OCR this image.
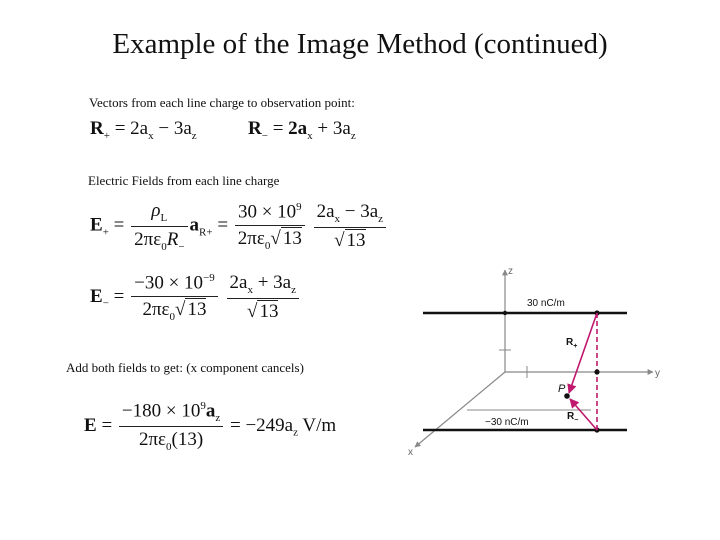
Example of the Image Method (continued)
Vectors from each line charge to observation point:
$R_+ = 2a_x - 3a_z$	$R_- = 2a_x + 3a_z$
Electric Fields from each line charge
$E_+ = \frac{\rho_L}{2\pi\varepsilon_0R_-} a_{R+} = \frac{30 \times 10^9}{2\pi\varepsilon_0√ 13}$
$\frac{2a_x - 3a_z}{√ 13}$
$E_- = \frac{-30 \times 10^{-9}}{2\pi\varepsilon_0√ 13}$
$\frac{2a_x + 3a_z}{√ 13}$
Add both fields to get: (x component cancels)
$E = \frac{-180 \times 10^9a_z}{2\pi\varepsilon_0(13)} = -249a_z$ V/m
z
y
x
30 nC/m
−30 nC/m
P
$R_+$
$R_-$
